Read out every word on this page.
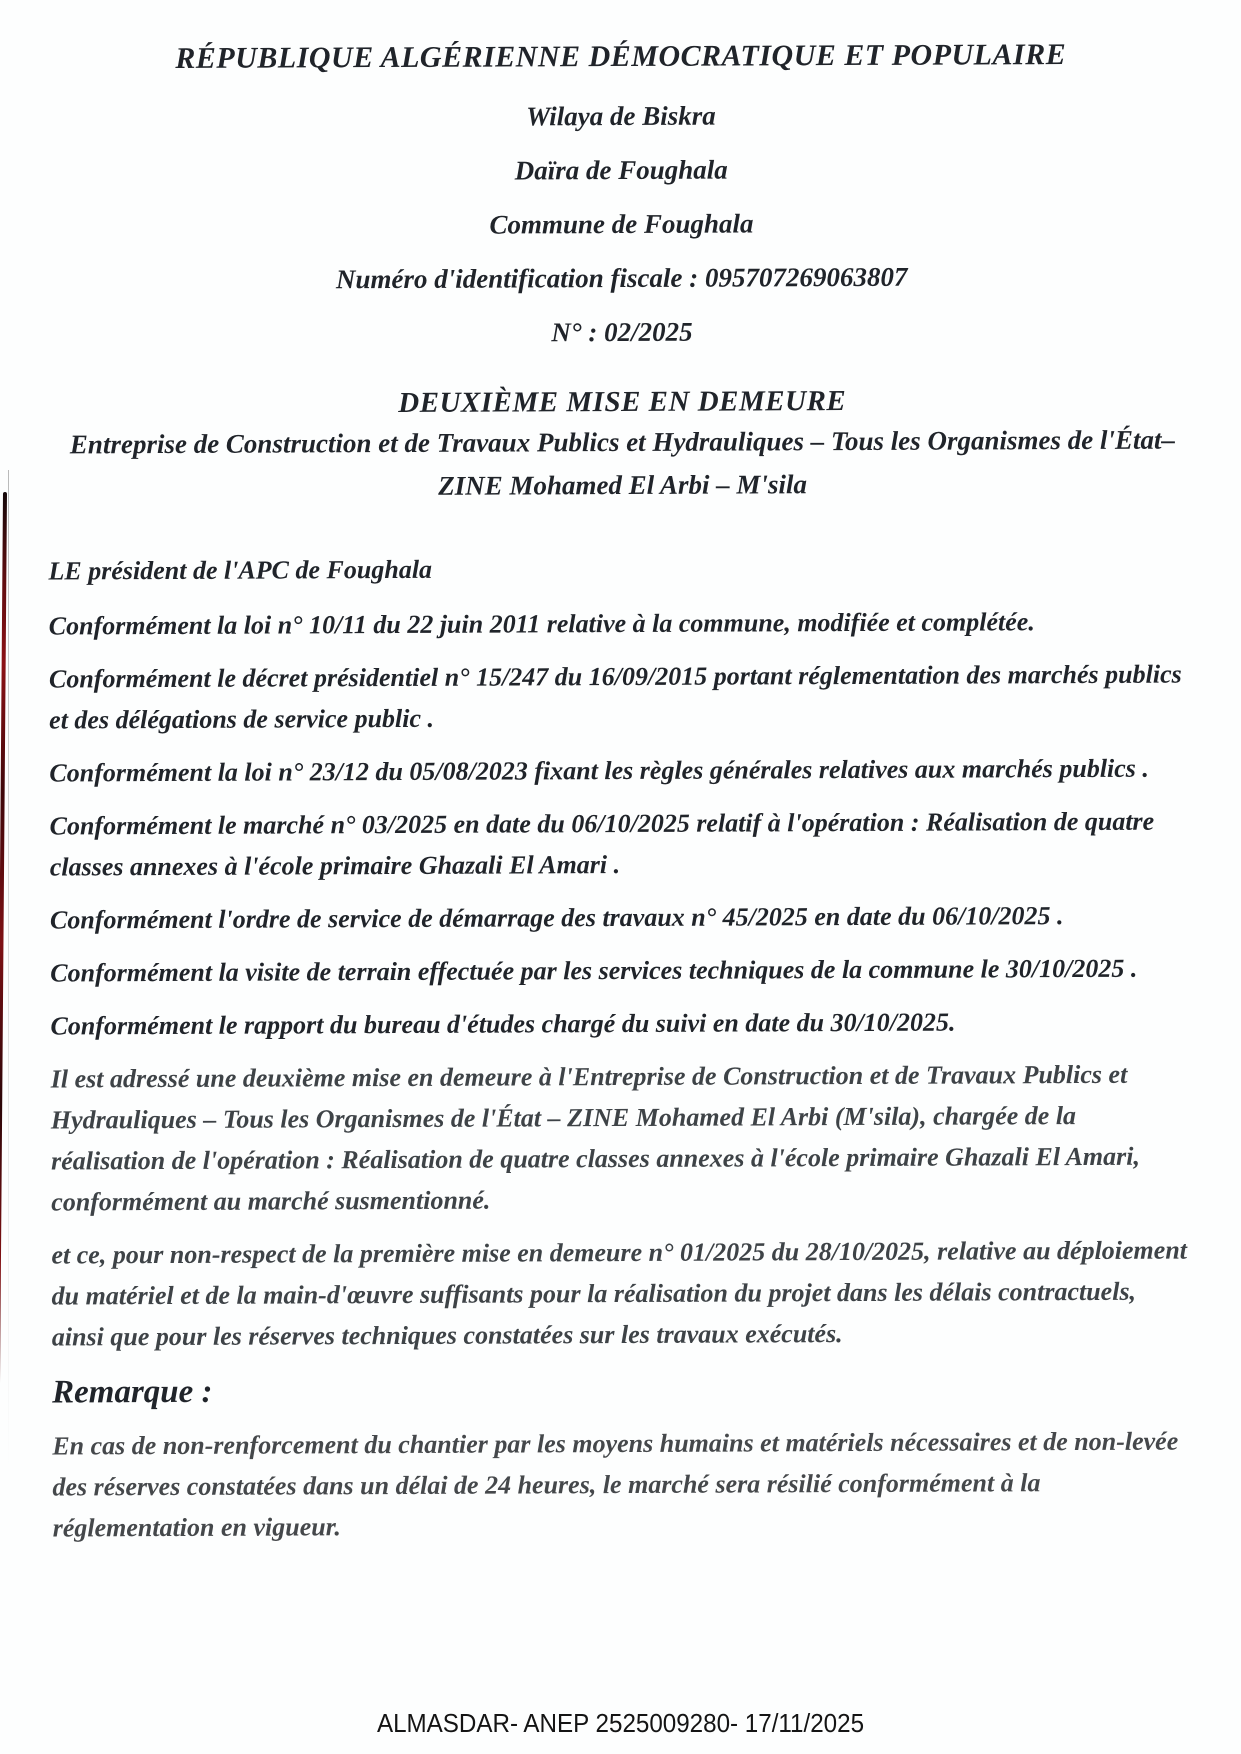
RÉPUBLIQUE ALGÉRIENNE DÉMOCRATIQUE ET POPULAIRE
Wilaya de Biskra
Daïra de Foughala
Commune de Foughala
Numéro d'identification fiscale : 095707269063807
N° : 02/2025
DEUXIÈME MISE EN DEMEURE
Entreprise de Construction et de Travaux Publics et Hydrauliques – Tous les Organismes de l'État–
ZINE Mohamed El Arbi – M'sila

LE président de l'APC de Foughala

Conformément la loi n° 10/11 du 22 juin 2011 relative à la commune, modifiée et complétée.

Conformément le décret présidentiel n° 15/247 du 16/09/2015 portant réglementation des marchés publics et des délégations de service public .

Conformément la loi n° 23/12 du 05/08/2023 fixant les règles générales relatives aux marchés publics .

Conformément le marché n° 03/2025 en date du 06/10/2025 relatif à l'opération : Réalisation de quatre classes annexes à l'école primaire Ghazali El Amari .

Conformément l'ordre de service de démarrage des travaux n° 45/2025 en date du 06/10/2025 .

Conformément la visite de terrain effectuée par les services techniques de la commune le 30/10/2025 .

Conformément le rapport du bureau d'études chargé du suivi en date du 30/10/2025.

Il est adressé une deuxième mise en demeure à l'Entreprise de Construction et de Travaux Publics et Hydrauliques – Tous les Organismes de l'État – ZINE Mohamed El Arbi (M'sila), chargée de la réalisation de l'opération : Réalisation de quatre classes annexes à l'école primaire Ghazali El Amari, conformément au marché susmentionné.

et ce, pour non-respect de la première mise en demeure n° 01/2025 du 28/10/2025, relative au déploiement du matériel et de la main-d'œuvre suffisants pour la réalisation du projet dans les délais contractuels, ainsi que pour les réserves techniques constatées sur les travaux exécutés.

Remarque :

En cas de non-renforcement du chantier par les moyens humains et matériels nécessaires et de non-levée des réserves constatées dans un délai de 24 heures, le marché sera résilié conformément à la réglementation en vigueur.

ALMASDAR- ANEP 2525009280- 17/11/2025
